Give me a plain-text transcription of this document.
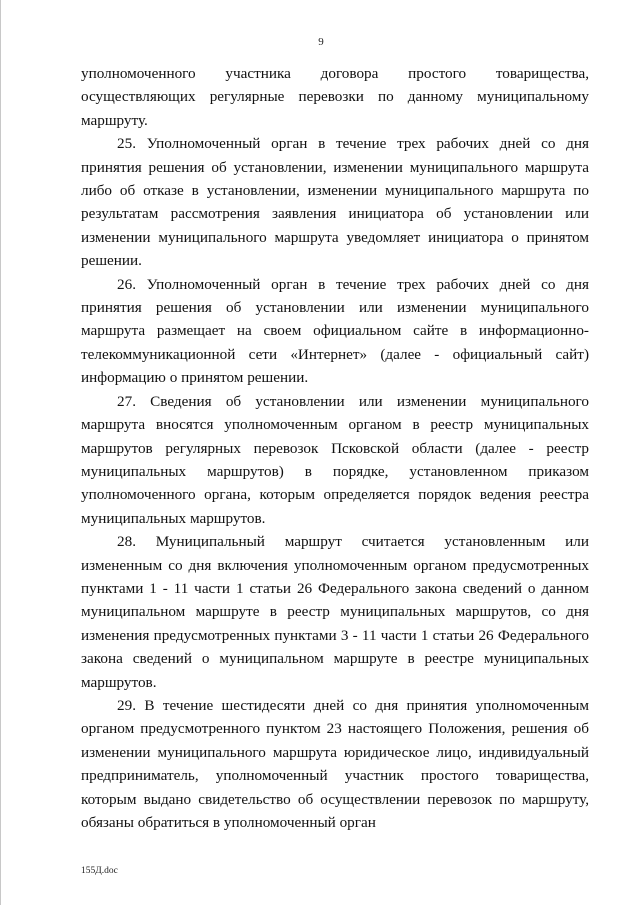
9

уполномоченного участника договора простого товарищества, осуществляющих регулярные перевозки по данному муниципальному маршруту.

25. Уполномоченный орган в течение трех рабочих дней со дня принятия решения об установлении, изменении муниципального маршрута либо об отказе в установлении, изменении муниципального маршрута по результатам рассмотрения заявления инициатора об установлении или изменении муниципального маршрута уведомляет инициатора о принятом решении.

26. Уполномоченный орган в течение трех рабочих дней со дня принятия решения об установлении или изменении муниципального маршрута размещает на своем официальном сайте в информационно-телекоммуникационной сети «Интернет» (далее - официальный сайт) информацию о принятом решении.

27. Сведения об установлении или изменении муниципального маршрута вносятся уполномоченным органом в реестр муниципальных маршрутов регулярных перевозок Псковской области (далее - реестр муниципальных маршрутов) в порядке, установленном приказом уполномоченного органа, которым определяется порядок ведения реестра муниципальных маршрутов.

28. Муниципальный маршрут считается установленным или измененным со дня включения уполномоченным органом предусмотренных пунктами 1 - 11 части 1 статьи 26 Федерального закона сведений о данном муниципальном маршруте в реестр муниципальных маршрутов, со дня изменения предусмотренных пунктами 3 - 11 части 1 статьи 26 Федерального закона сведений о муниципальном маршруте в реестре муниципальных маршрутов.

29. В течение шестидесяти дней со дня принятия уполномоченным органом предусмотренного пунктом 23 настоящего Положения, решения об изменении муниципального маршрута юридическое лицо, индивидуальный предприниматель, уполномоченный участник простого товарищества, которым выдано свидетельство об осуществлении перевозок по маршруту, обязаны обратиться в уполномоченный орган

155Д.doc
